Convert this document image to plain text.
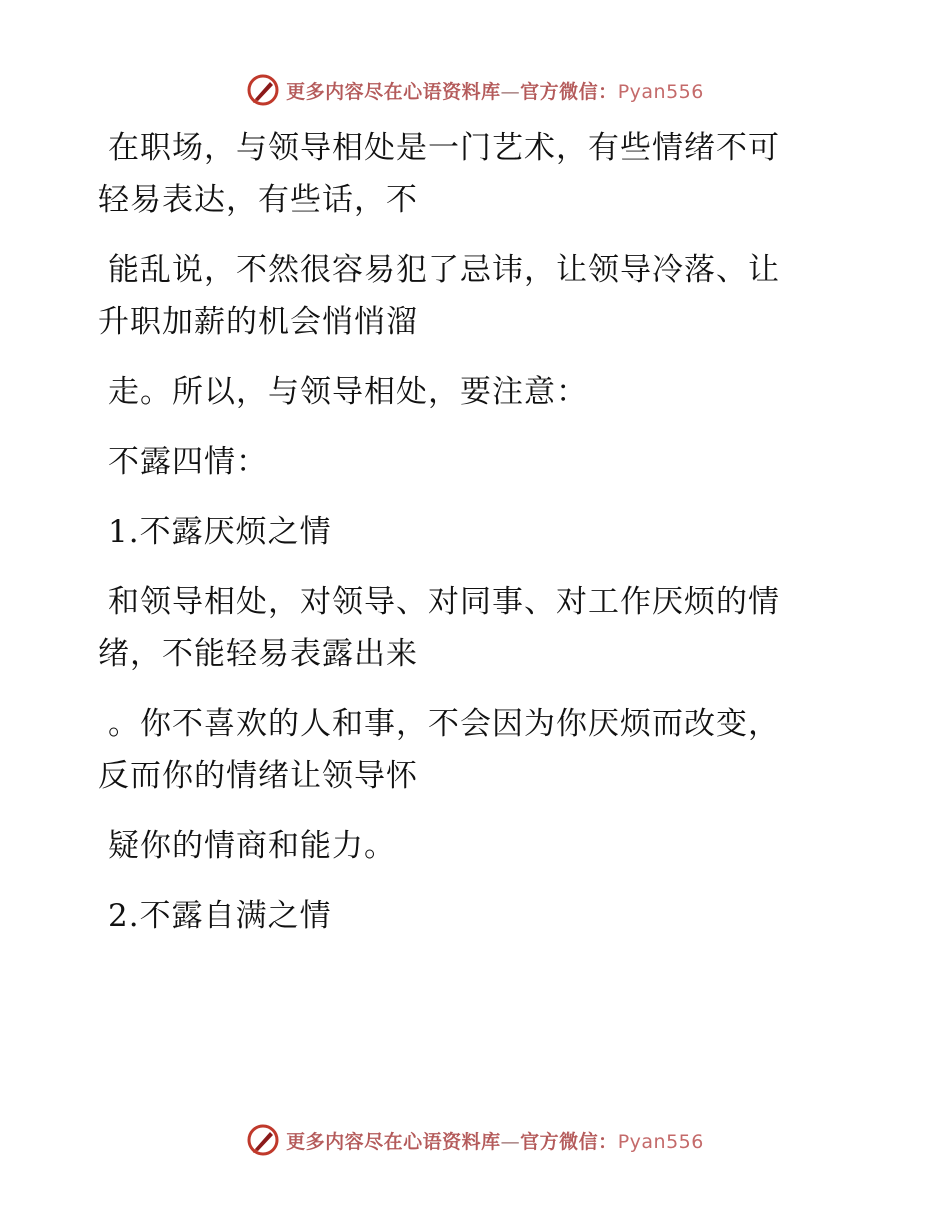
更多内容尽在心语资料库—官方微信：Pyan556

在职场，与领导相处是一门艺术，有些情绪不可
轻易表达，有些话，不

能乱说，不然很容易犯了忌讳，让领导冷落、让
升职加薪的机会悄悄溜

走。所以，与领导相处，要注意：

不露四情：

1.不露厌烦之情

和领导相处，对领导、对同事、对工作厌烦的情
绪，不能轻易表露出来

。你不喜欢的人和事，不会因为你厌烦而改变，
反而你的情绪让领导怀

疑你的情商和能力。

2.不露自满之情

更多内容尽在心语资料库—官方微信：Pyan556
